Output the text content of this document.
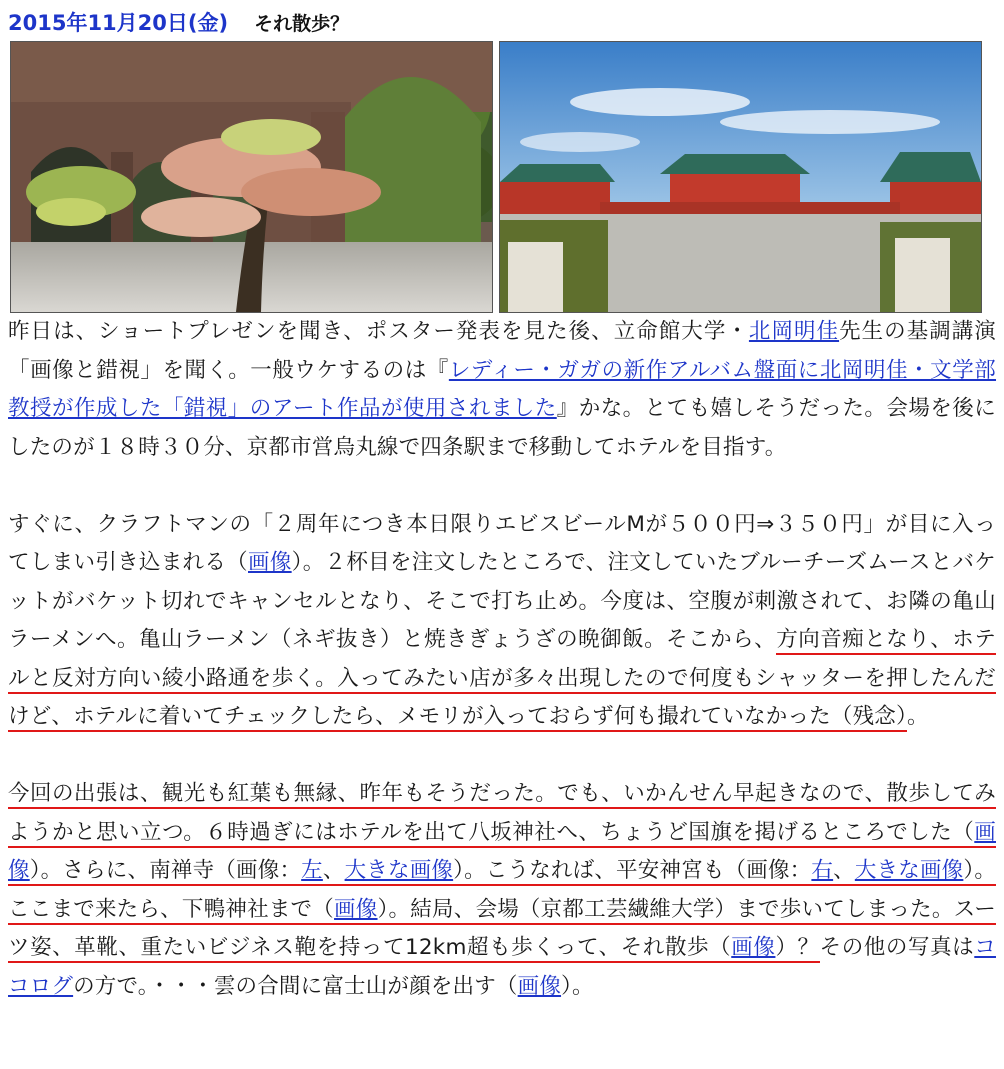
2015年11月20日(金) それ散歩？

昨日は、ショートプレゼンを聞き、ポスター発表を見た後、立命館大学・北岡明佳先生の基調講演「画像と錯視」を聞く。一般ウケするのは『レディー・ガガの新作アルバム盤面に北岡明佳・文学部教授が作成した「錯視」のアート作品が使用されました』かな。とても嬉しそうだった。会場を後にしたのが１８時３０分、京都市営烏丸線で四条駅まで移動してホテルを目指す。

すぐに、クラフトマンの「２周年につき本日限りエビスビールMが５００円⇒３５０円」が目に入ってしまい引き込まれる（画像）。２杯目を注文したところで、注文していたブルーチーズムースとバケットがバケット切れでキャンセルとなり、そこで打ち止め。今度は、空腹が刺激されて、お隣の亀山ラーメンへ。亀山ラーメン（ネギ抜き）と焼きぎょうざの晩御飯。そこから、方向音痴となり、ホテルと反対方向い綾小路通を歩く。入ってみたい店が多々出現したので何度もシャッターを押したんだけど、ホテルに着いてチェックしたら、メモリが入っておらず何も撮れていなかった（残念）。

今回の出張は、観光も紅葉も無縁、昨年もそうだった。でも、いかんせん早起きなので、散歩してみようかと思い立つ。６時過ぎにはホテルを出て八坂神社へ、ちょうど国旗を掲げるところでした（画像）。さらに、南禅寺（画像：左、大きな画像）。こうなれば、平安神宮も（画像：右、大きな画像）。ここまで来たら、下鴨神社まで（画像）。結局、会場（京都工芸繊維大学）まで歩いてしまった。スーツ姿、革靴、重たいビジネス鞄を持って12km超も歩くって、それ散歩（画像）？その他の写真はココログの方で。・・・雲の合間に富士山が顔を出す（画像）。
